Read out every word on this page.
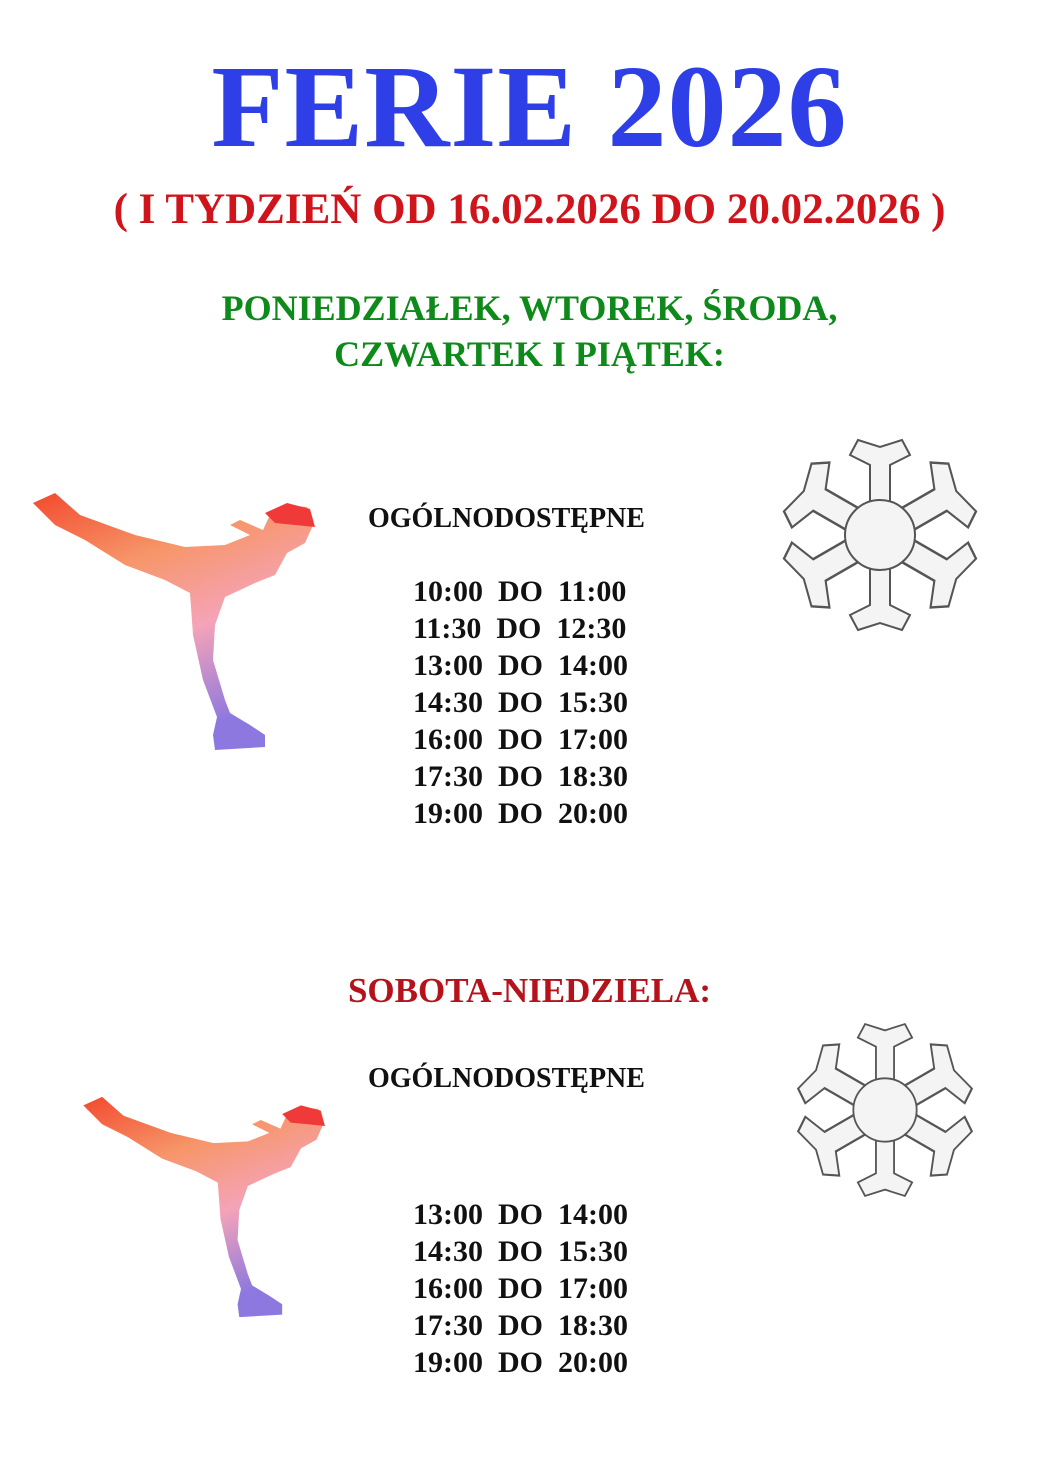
FERIE 2026
( I TYDZIEŃ OD 16.02.2026 DO 20.02.2026 )
PONIEDZIAŁEK, WTOREK, ŚRODA,
CZWARTEK I PIĄTEK:
OGÓLNODOSTĘPNE
10:00  DO  11:00
11:30  DO  12:30
13:00  DO  14:00
14:30  DO  15:30
16:00  DO  17:00
17:30  DO  18:30
19:00  DO  20:00
SOBOTA-NIEDZIELA:
OGÓLNODOSTĘPNE
13:00  DO  14:00
14:30  DO  15:30
16:00  DO  17:00
17:30  DO  18:30
19:00  DO  20:00
